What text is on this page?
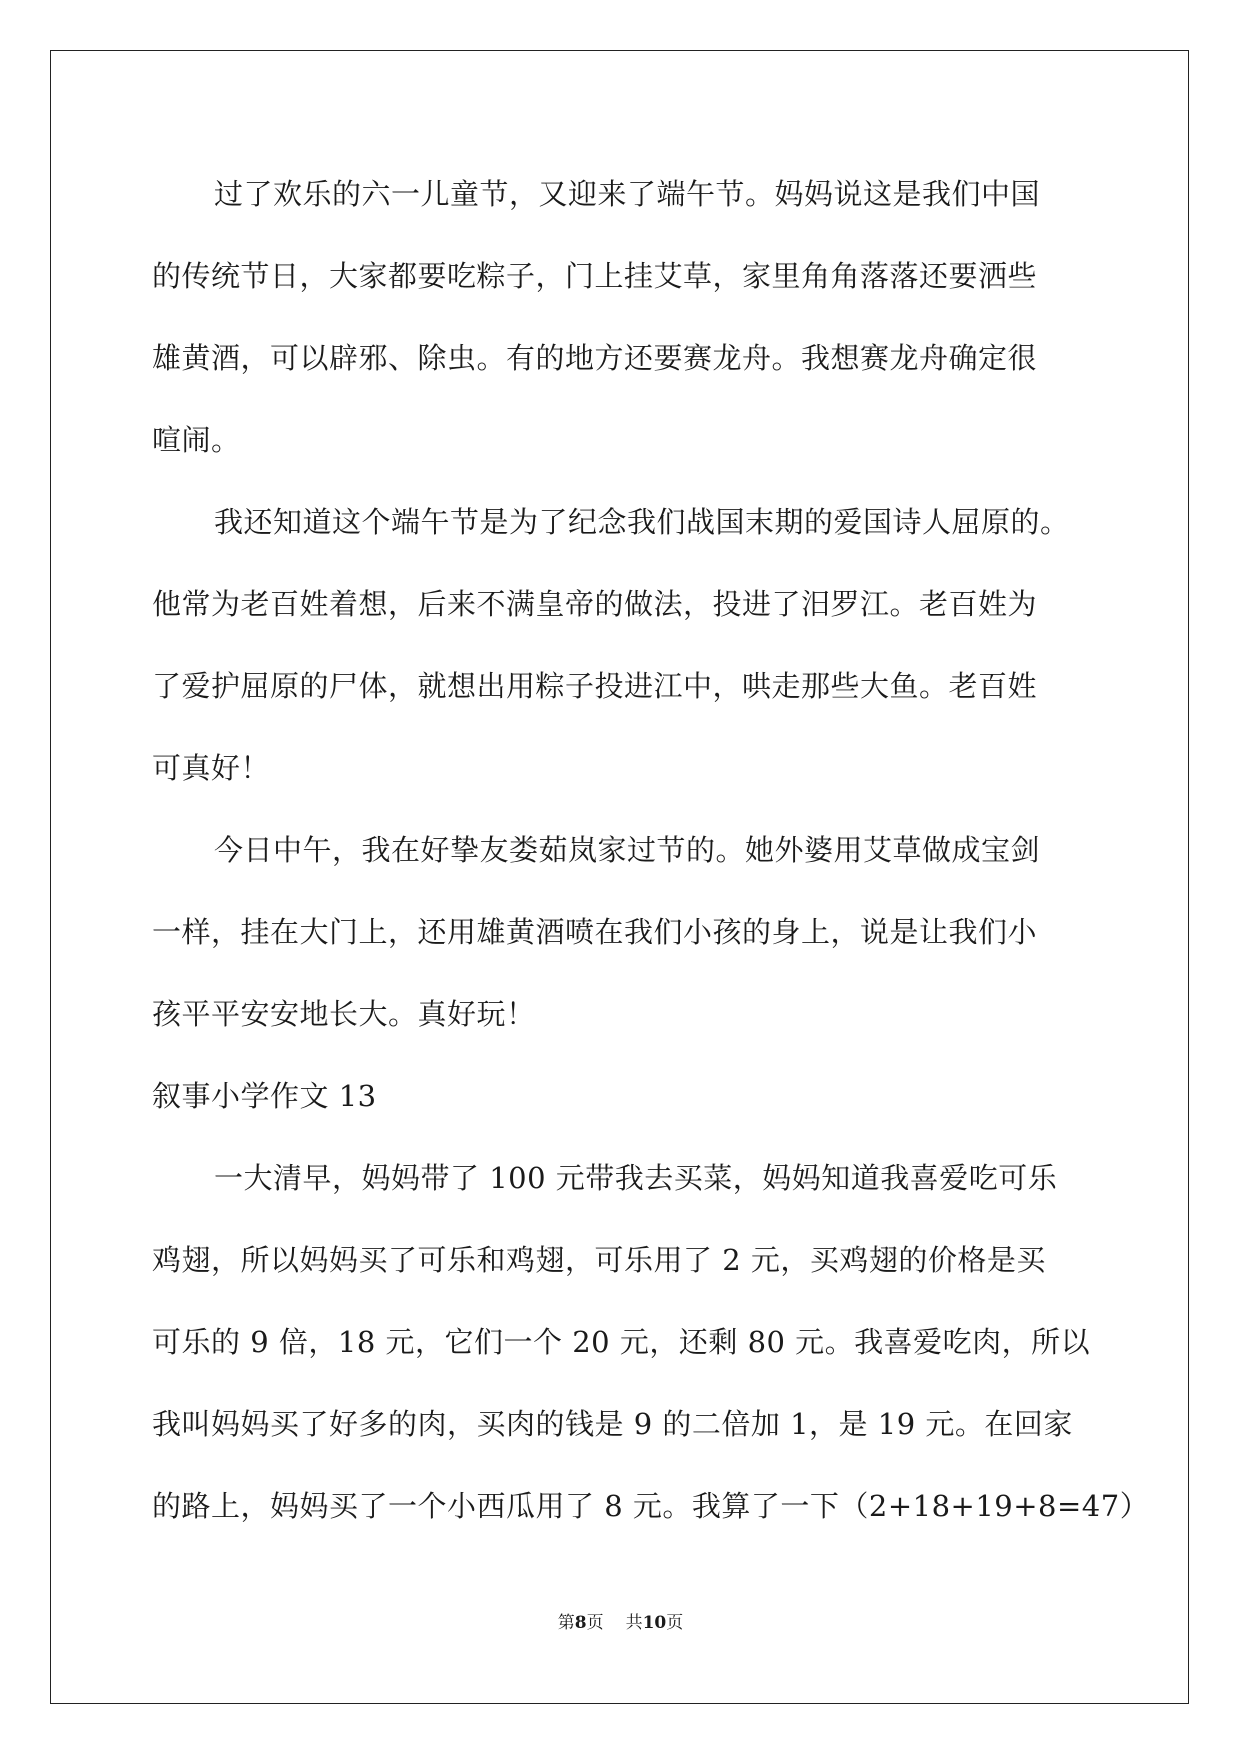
过了欢乐的六一儿童节，又迎来了端午节。妈妈说这是我们中国
的传统节日，大家都要吃粽子，门上挂艾草，家里角角落落还要洒些
雄黄酒，可以辟邪、除虫。有的地方还要赛龙舟。我想赛龙舟确定很
喧闹。
我还知道这个端午节是为了纪念我们战国末期的爱国诗人屈原的。
他常为老百姓着想，后来不满皇帝的做法，投进了汨罗江。老百姓为
了爱护屈原的尸体，就想出用粽子投进江中，哄走那些大鱼。老百姓
可真好！
今日中午，我在好挚友娄茹岚家过节的。她外婆用艾草做成宝剑
一样，挂在大门上，还用雄黄酒喷在我们小孩的身上，说是让我们小
孩平平安安地长大。真好玩！
叙事小学作文 13
一大清早，妈妈带了 100 元带我去买菜，妈妈知道我喜爱吃可乐
鸡翅，所以妈妈买了可乐和鸡翅，可乐用了 2 元，买鸡翅的价格是买
可乐的 9 倍，18 元，它们一个 20 元，还剩 80 元。我喜爱吃肉，所以
我叫妈妈买了好多的肉，买肉的钱是 9 的二倍加 1，是 19 元。在回家
的路上，妈妈买了一个小西瓜用了 8 元。我算了一下（2+18+19+8=47）
第8页 共10页
